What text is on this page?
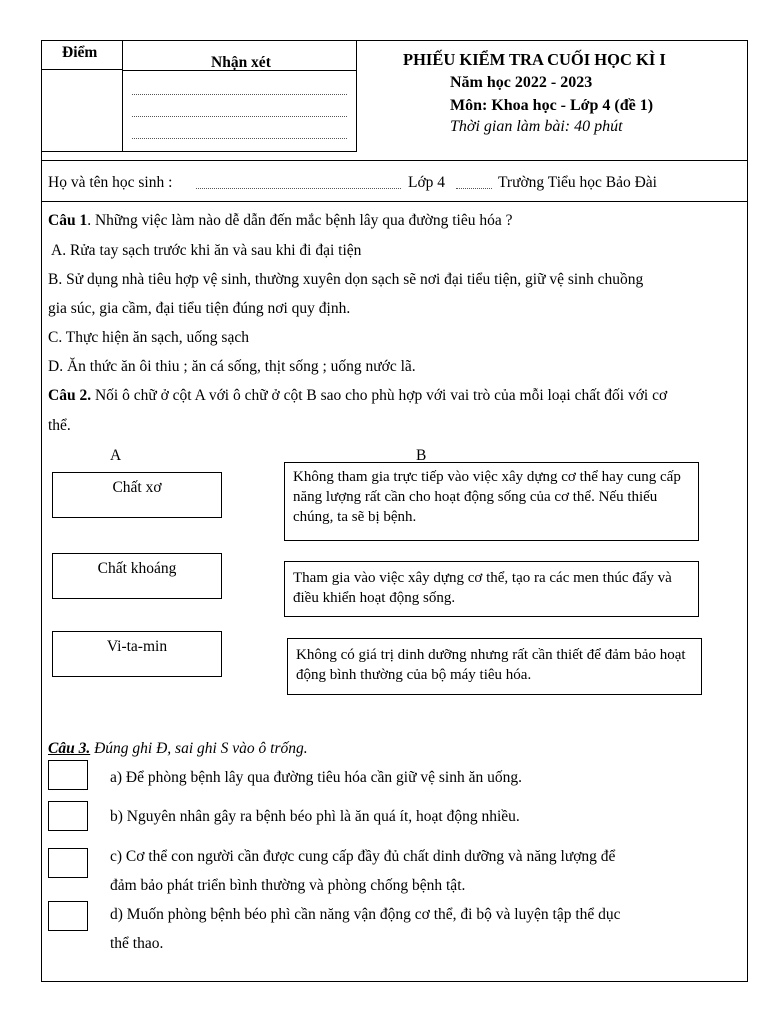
Điểm
Nhận xét	PHIẾU KIỂM TRA CUỐI HỌC KÌ I
Năm học 2022 - 2023
Môn: Khoa học - Lớp 4 (đề 1)
Thời gian làm bài: 40 phút
Họ và tên học sinh :	Lớp 4	Trường Tiểu học Bảo Đài
Câu 1. Những việc làm nào dễ dẫn đến mắc bệnh lây qua đường tiêu hóa ?
A. Rửa tay sạch trước khi ăn và sau khi đi đại tiện
B. Sử dụng nhà tiêu hợp vệ sinh, thường xuyên dọn sạch sẽ nơi đại tiểu tiện, giữ vệ sinh chuồng
gia súc, gia cầm, đại tiểu tiện đúng nơi quy định.
C. Thực hiện ăn sạch, uống sạch
D. Ăn thức ăn ôi thiu ; ăn cá sống, thịt sống ; uống nước lã.
Câu 2. Nối ô chữ ở cột A với ô chữ ở cột B sao cho phù hợp với vai trò của mỗi loại chất đối với cơ
thể.
A	B
Chất xơ
Chất khoáng
Vi-ta-min
Không tham gia trực tiếp vào việc xây dựng cơ thể hay cung cấp năng lượng rất cần cho hoạt động sống của cơ thể. Nếu thiếu chúng, ta sẽ bị bệnh.
Tham gia vào việc xây dựng cơ thể, tạo ra các men thúc đẩy và điều khiển hoạt động sống.
Không có giá trị dinh dưỡng nhưng rất cần thiết để đảm bảo hoạt động bình thường của bộ máy tiêu hóa.
Câu 3. Đúng ghi Đ, sai ghi S vào ô trống.
a) Để phòng bệnh lây qua đường tiêu hóa cần giữ vệ sinh ăn uống.
b) Nguyên nhân gây ra bệnh béo phì là ăn quá ít, hoạt động nhiều.
c) Cơ thể con người cần được cung cấp đầy đủ chất dinh dưỡng và năng lượng để
đảm bảo phát triển bình thường và phòng chống bệnh tật.
d) Muốn phòng bệnh béo phì cần năng vận động cơ thể, đi bộ và luyện tập thể dục
thể thao.
